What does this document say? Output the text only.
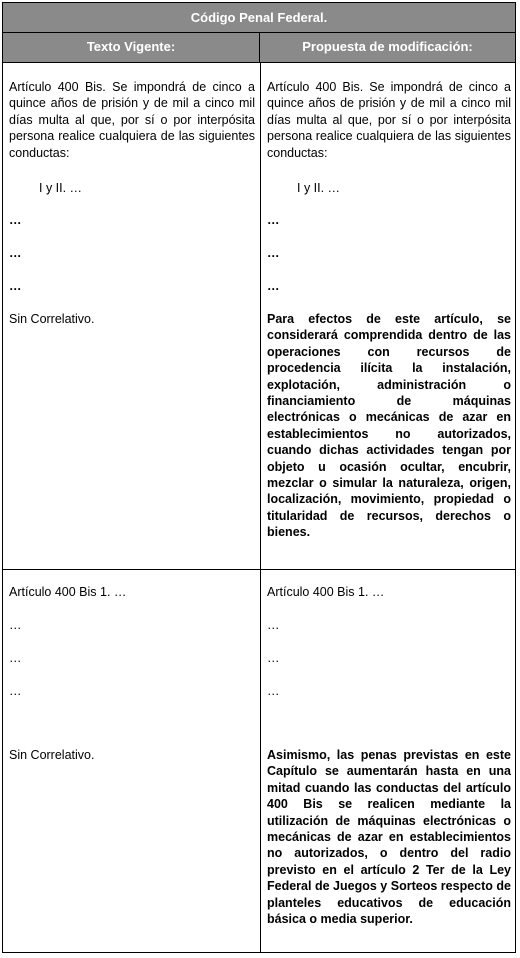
Código Penal Federal.
Texto Vigente:	Propuesta de modificación:
Artículo 400 Bis. Se impondrá de cinco a quince años de prisión y de mil a cinco mil días multa al que, por sí o por interpósita persona realice cualquiera de las siguientes conductas:
I y II. …
…
…
…
Sin Correlativo.
Artículo 400 Bis. Se impondrá de cinco a quince años de prisión y de mil a cinco mil días multa al que, por sí o por interpósita persona realice cualquiera de las siguientes conductas:
I y II. …
…
…
…
Para efectos de este artículo, se considerará comprendida dentro de las operaciones con recursos de procedencia ilícita la instalación, explotación, administración o financiamiento de máquinas electrónicas o mecánicas de azar en establecimientos no autorizados, cuando dichas actividades tengan por objeto u ocasión ocultar, encubrir, mezclar o simular la naturaleza, origen, localización, movimiento, propiedad o titularidad de recursos, derechos o bienes.
Artículo 400 Bis 1. …
…
…
…
Sin Correlativo.
Artículo 400 Bis 1. …
…
…
…
Asimismo, las penas previstas en este Capítulo se aumentarán hasta en una mitad cuando las conductas del artículo 400 Bis se realicen mediante la utilización de máquinas electrónicas o mecánicas de azar en establecimientos no autorizados, o dentro del radio previsto en el artículo 2 Ter de la Ley Federal de Juegos y Sorteos respecto de planteles educativos de educación básica o media superior.
